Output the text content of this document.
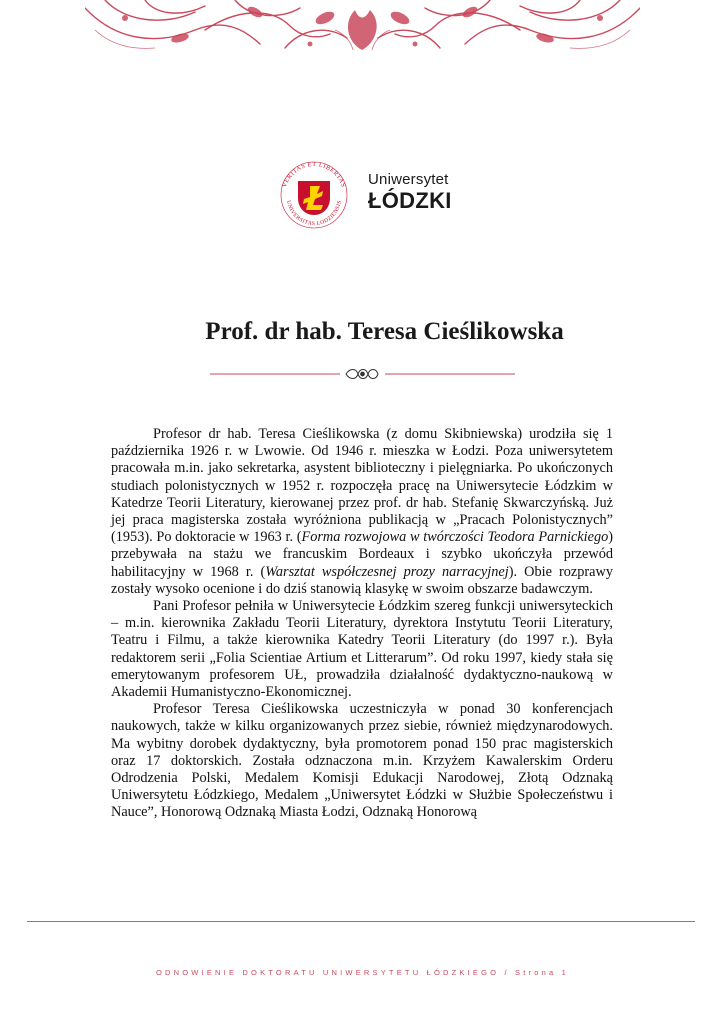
VERITAS ET LIBERTAS
UNIVERSITAS LODZIENSIS
Uniwersytet
ŁÓDZKI
Prof. dr hab. Teresa Cieślikowska

Profesor dr hab. Teresa Cieślikowska (z domu Skibniewska) urodziła się 1 października 1926 r. w Lwowie. Od 1946 r. mieszka w Łodzi. Poza uniwersytetem pracowała m.in. jako sekretarka, asystent biblioteczny i pielęgniarka. Po ukończonych studiach polonistycznych w 1952 r. rozpoczęła pracę na Uniwersytecie Łódzkim w Katedrze Teorii Literatury, kierowanej przez prof. dr hab. Stefanię Skwarczyńską. Już jej praca magisterska została wyróżniona publikacją w „Pracach Polonistycznych” (1953). Po doktoracie w 1963 r. (Forma rozwojowa w twórczości Teodora Parnickiego) przebywała na stażu we francuskim Bordeaux i szybko ukończyła przewód habilitacyjny w 1968 r. (Warsztat współczesnej prozy narracyjnej). Obie rozprawy zostały wysoko ocenione i do dziś stanowią klasykę w swoim obszarze badawczym.

Pani Profesor pełniła w Uniwersytecie Łódzkim szereg funkcji uniwersyteckich – m.in. kierownika Zakładu Teorii Literatury, dyrektora Instytutu Teorii Literatury, Teatru i Filmu, a także kierownika Katedry Teorii Literatury (do 1997 r.). Była redaktorem serii „Folia Scientiae Artium et Litterarum”. Od roku 1997, kiedy stała się emerytowanym profesorem UŁ, prowadziła działalność dydaktyczno-naukową w Akademii Humanistyczno-Ekonomicznej.

Profesor Teresa Cieślikowska uczestniczyła w ponad 30 konferencjach naukowych, także w kilku organizowanych przez siebie, również międzynarodowych. Ma wybitny dorobek dydaktyczny, była promotorem ponad 150 prac magisterskich oraz 17 doktorskich. Została odznaczona m.in. Krzyżem Kawalerskim Orderu Odrodzenia Polski, Medalem Komisji Edukacji Narodowej, Złotą Odznaką Uniwersytetu Łódzkiego, Medalem „Uniwersytet Łódzki w Służbie Społeczeństwu i Nauce”, Honorową Odznaką Miasta Łodzi, Odznaką Honorową

ODNOWIENIE DOKTORATU UNIWERSYTETU ŁÓDZKIEGO / Strona 1
